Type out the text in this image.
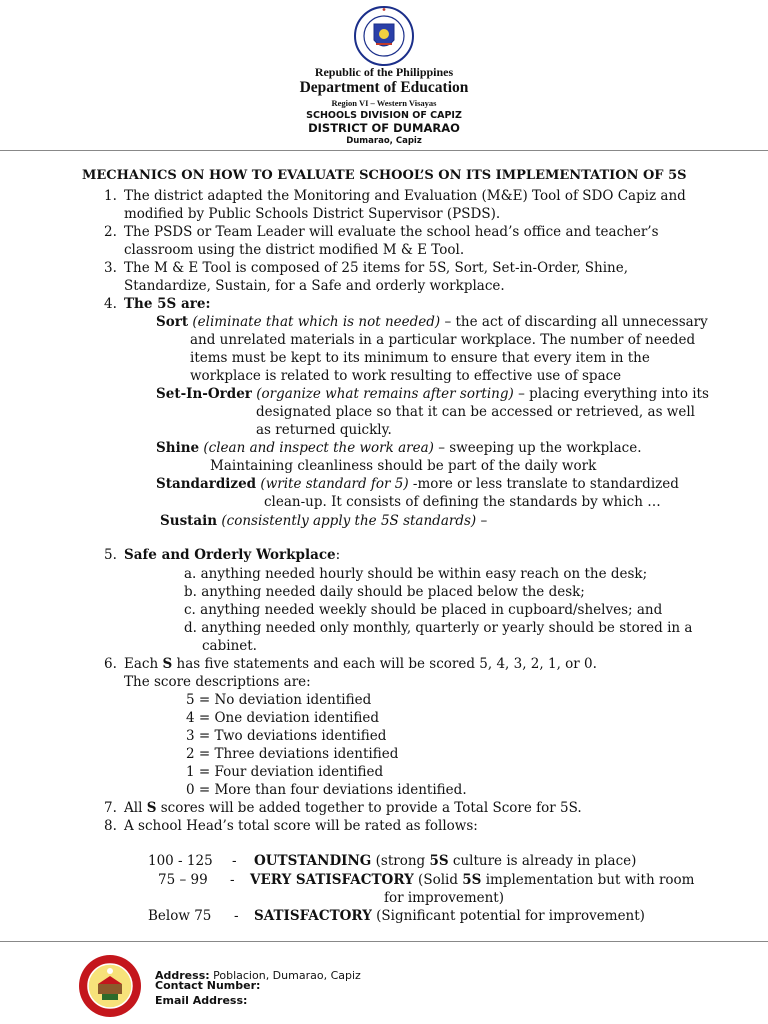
Republic of the Philippines
Department of Education
Region VI – Western Visayas
SCHOOLS DIVISION OF CAPIZ
DISTRICT OF DUMARAO
Dumarao, Capiz
MECHANICS ON HOW TO EVALUATE SCHOOL’S ON ITS IMPLEMENTATION OF 5S
1. The district adapted the Monitoring and Evaluation (M&E) Tool of SDO Capiz and
modified by Public Schools District Supervisor (PSDS).
2. The PSDS or Team Leader will evaluate the school head’s office and teacher’s
classroom using the district modified M & E Tool.
3. The M & E Tool is composed of 25 items for 5S, Sort, Set-in-Order, Shine,
Standardize, Sustain, for a Safe and orderly workplace.
4. The 5S are:
Sort (eliminate that which is not needed) – the act of discarding all unnecessary
and unrelated materials in a particular workplace. The number of needed
items must be kept to its minimum to ensure that every item in the
workplace is related to work resulting to effective use of space
Set-In-Order (organize what remains after sorting) – placing everything into its
designated place so that it can be accessed or retrieved, as well
as returned quickly.
Shine (clean and inspect the work area) – sweeping up the workplace.
Maintaining cleanliness should be part of the daily work
Standardized (write standard for 5) -more or less translate to standardized
clean-up. It consists of defining the standards by which …
Sustain (consistently apply the 5S standards) –
5. Safe and Orderly Workplace:
a. anything needed hourly should be within easy reach on the desk;
b. anything needed daily should be placed below the desk;
c. anything needed weekly should be placed in cupboard/shelves; and
d. anything needed only monthly, quarterly or yearly should be stored in a
cabinet.
6. Each S has five statements and each will be scored 5, 4, 3, 2, 1, or 0.
The score descriptions are:
5 = No deviation identified
4 = One deviation identified
3 = Two deviations identified
2 = Three deviations identified
1 = Four deviation identified
0 = More than four deviations identified.
7. All S scores will be added together to provide a Total Score for 5S.
8. A school Head’s total score will be rated as follows:
100 - 125 - OUTSTANDING (strong 5S culture is already in place)
75 – 99 - VERY SATISFACTORY (Solid 5S implementation but with room
for improvement)
Below 75 - SATISFACTORY (Significant potential for improvement)
Address: Poblacion, Dumarao, Capiz
Contact Number:
Email Address:
